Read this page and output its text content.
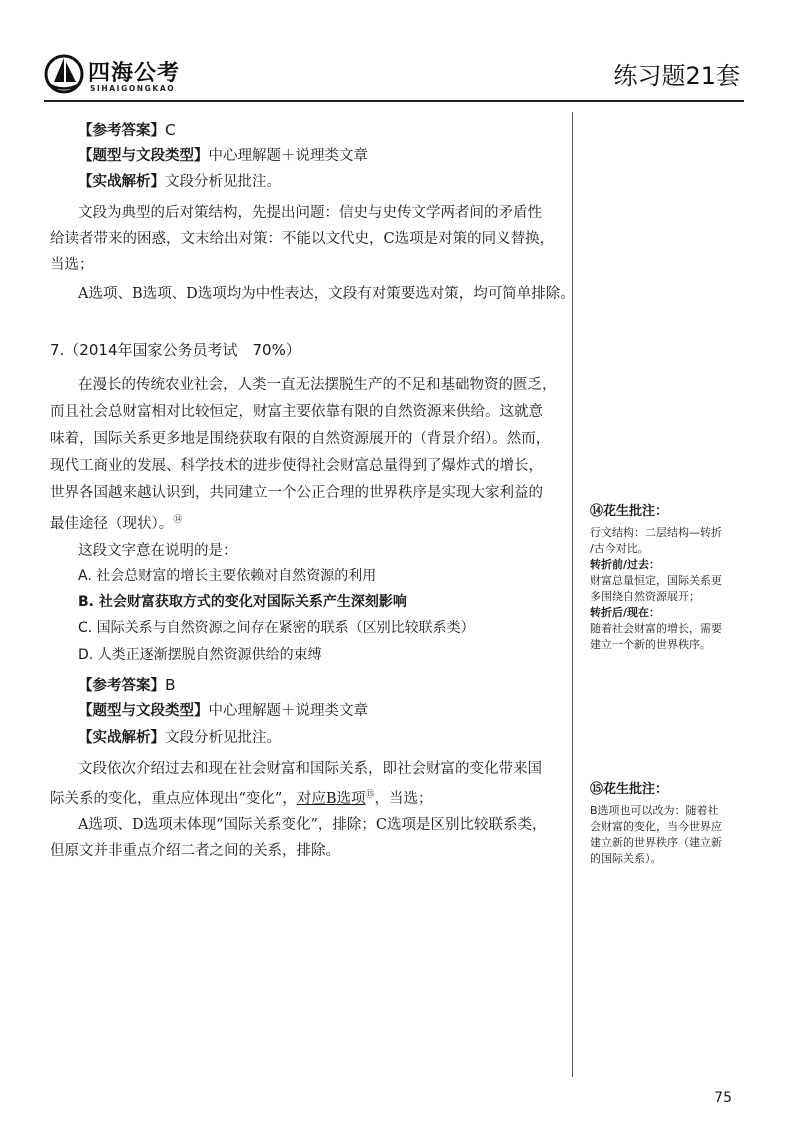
四海公考
SIHAIGONGKAO	练习题21套
【参考答案】C
【题型与文段类型】中心理解题＋说理类文章
【实战解析】文段分析见批注。
文段为典型的后对策结构，先提出问题：信史与史传文学两者间的矛盾性
给读者带来的困惑，文末给出对策：不能以文代史，C选项是对策的同义替换，
当选；
A选项、B选项、D选项均为中性表达，文段有对策要选对策，均可简单排除。
7.（2014年国家公务员考试　70%）
在漫长的传统农业社会，人类一直无法摆脱生产的不足和基础物资的匮乏，
而且社会总财富相对比较恒定，财富主要依靠有限的自然资源来供给。这就意
味着，国际关系更多地是围绕获取有限的自然资源展开的（背景介绍）。然而，
现代工商业的发展、科学技术的进步使得社会财富总量得到了爆炸式的增长，
世界各国越来越认识到，共同建立一个公正合理的世界秩序是实现大家利益的
最佳途径（现状）。⑭
这段文字意在说明的是：
A. 社会总财富的增长主要依赖对自然资源的利用
B. 社会财富获取方式的变化对国际关系产生深刻影响
C. 国际关系与自然资源之间存在紧密的联系（区别比较联系类）
D. 人类正逐渐摆脱自然资源供给的束缚
【参考答案】B
【题型与文段类型】中心理解题＋说理类文章
【实战解析】文段分析见批注。
文段依次介绍过去和现在社会财富和国际关系，即社会财富的变化带来国
际关系的变化，重点应体现出“变化”，对应B选项⑮，当选；
A选项、D选项未体现“国际关系变化”，排除；C选项是区别比较联系类，
但原文并非重点介绍二者之间的关系，排除。
⑭花生批注：
行文结构：二层结构—转折
/古今对比。
转折前/过去：
财富总量恒定，国际关系更
多围绕自然资源展开；
转折后/现在：
随着社会财富的增长，需要
建立一个新的世界秩序。
⑮花生批注：
B选项也可以改为：随着社
会财富的变化，当今世界应
建立新的世界秩序（建立新
的国际关系）。
75
